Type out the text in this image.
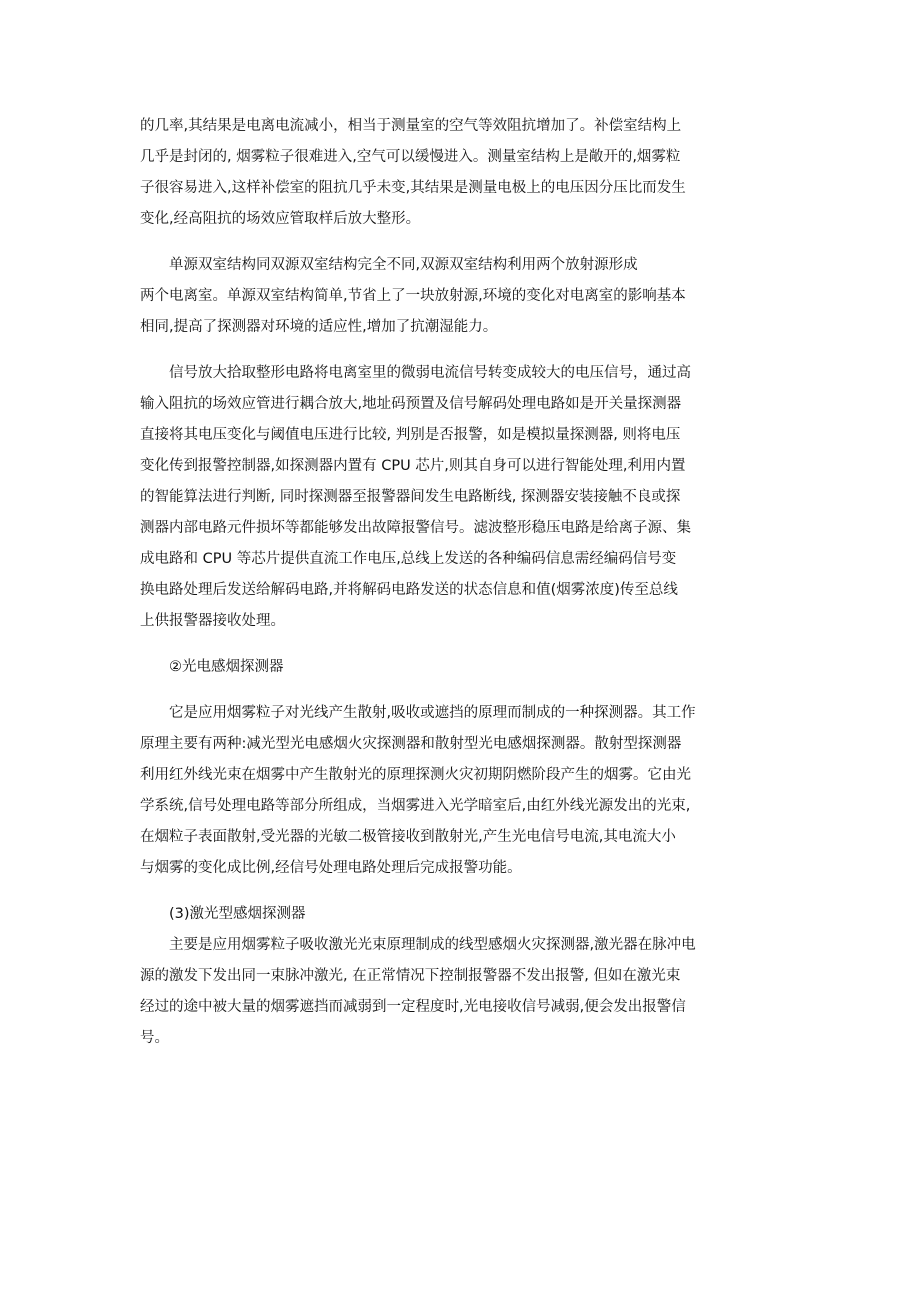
的几率,其结果是电离电流减小，相当于测量室的空气等效阻抗增加了。补偿室结构上
几乎是封闭的, 烟雾粒子很难进入,空气可以缓慢进入。测量室结构上是敞开的,烟雾粒
子很容易进入,这样补偿室的阻抗几乎未变,其结果是测量电极上的电压因分压比而发生
变化,经高阻抗的场效应管取样后放大整形。
　　单源双室结构同双源双室结构完全不同,双源双室结构利用两个放射源形成
两个电离室。单源双室结构简单,节省上了一块放射源,环境的变化对电离室的影响基本
相同,提高了探测器对环境的适应性,增加了抗潮湿能力。
　　信号放大拾取整形电路将电离室里的微弱电流信号转变成较大的电压信号，通过高
输入阻抗的场效应管进行耦合放大,地址码预置及信号解码处理电路如是开关量探测器
直接将其电压变化与阈值电压进行比较, 判别是否报警，如是模拟量探测器, 则将电压
变化传到报警控制器,如探测器内置有 CPU 芯片,则其自身可以进行智能处理,利用内置
的智能算法进行判断, 同时探测器至报警器间发生电路断线, 探测器安装接触不良或探
测器内部电路元件损坏等都能够发出故障报警信号。滤波整形稳压电路是给离子源、集
成电路和 CPU 等芯片提供直流工作电压,总线上发送的各种编码信息需经编码信号变
换电路处理后发送给解码电路,并将解码电路发送的状态信息和值(烟雾浓度)传至总线
上供报警器接收处理。
　　②光电感烟探测器
　　它是应用烟雾粒子对光线产生散射,吸收或遮挡的原理而制成的一种探测器。其工作
原理主要有两种:减光型光电感烟火灾探测器和散射型光电感烟探测器。散射型探测器
利用红外线光束在烟雾中产生散射光的原理探测火灾初期阴燃阶段产生的烟雾。它由光
学系统,信号处理电路等部分所组成，当烟雾进入光学暗室后,由红外线光源发出的光束,
在烟粒子表面散射,受光器的光敏二极管接收到散射光,产生光电信号电流,其电流大小
与烟雾的变化成比例,经信号处理电路处理后完成报警功能。
　　(3)激光型感烟探测器
　　主要是应用烟雾粒子吸收激光光束原理制成的线型感烟火灾探测器,激光器在脉冲电
源的激发下发出同一束脉冲激光, 在正常情况下控制报警器不发出报警, 但如在激光束
经过的途中被大量的烟雾遮挡而减弱到一定程度时,光电接收信号减弱,便会发出报警信
号。
